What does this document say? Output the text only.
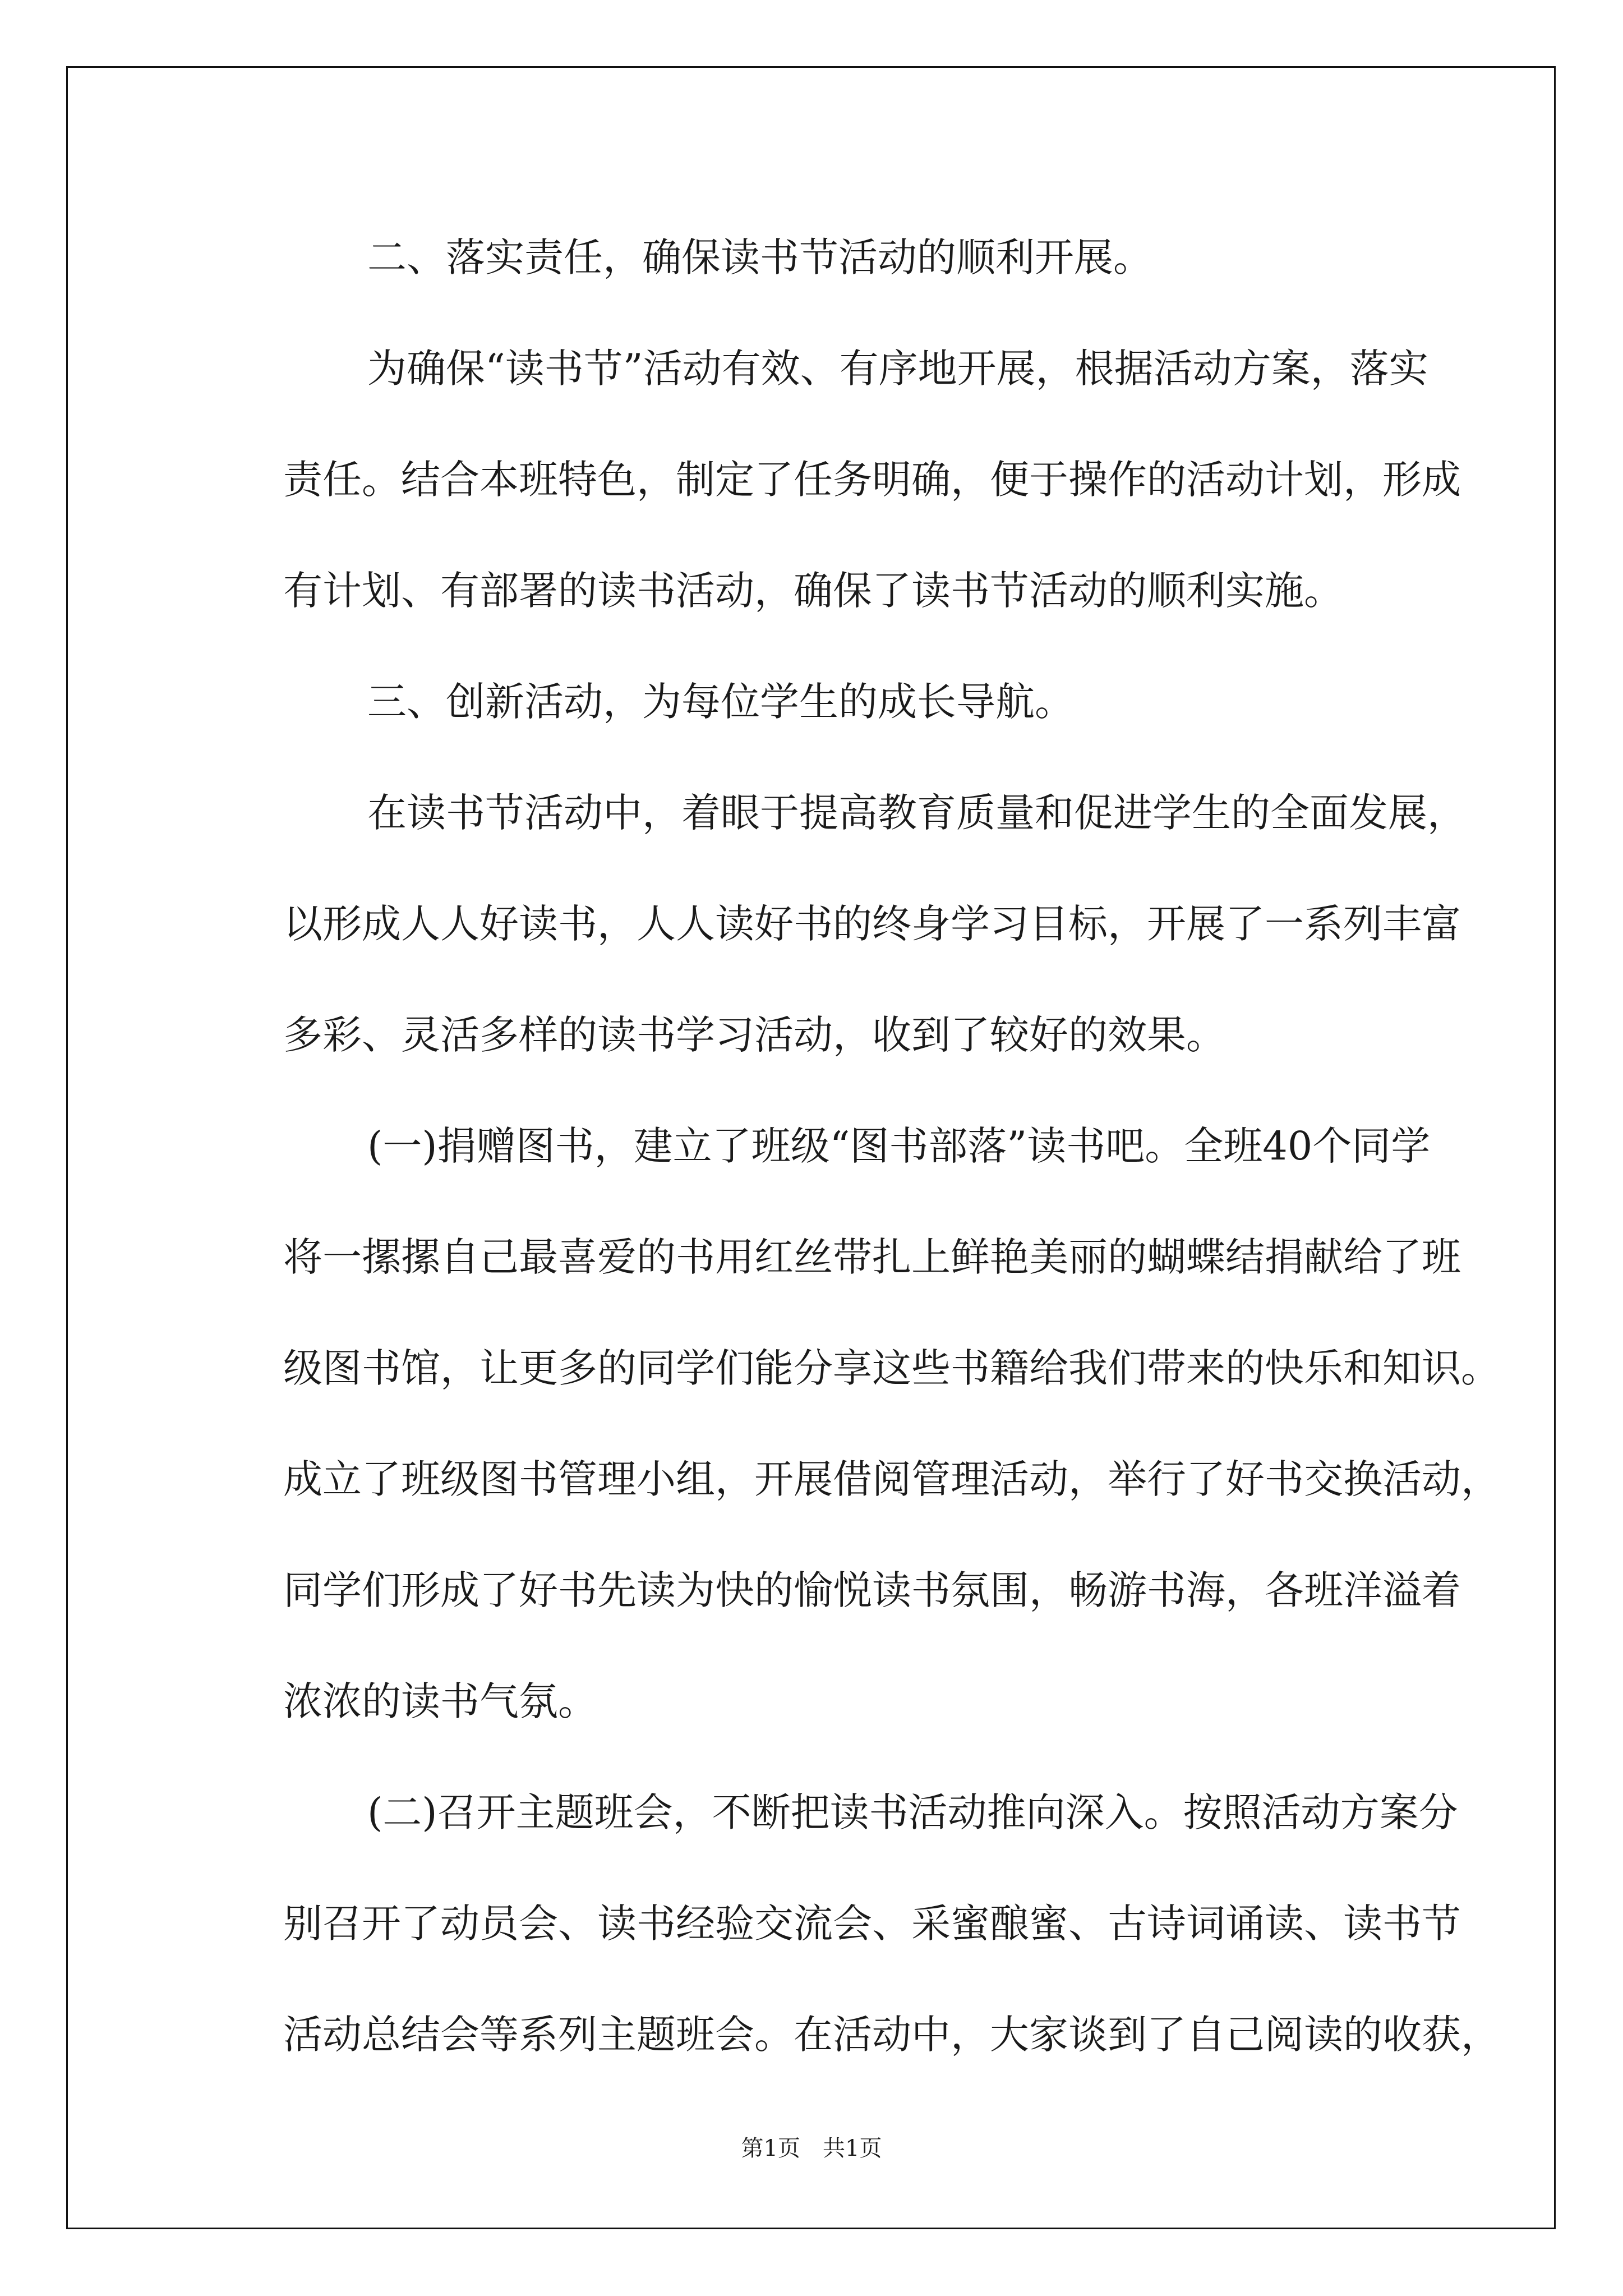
二、落实责任，确保读书节活动的顺利开展。
为确保“读书节”活动有效、有序地开展，根据活动方案，落实
责任。结合本班特色，制定了任务明确，便于操作的活动计划，形成
有计划、有部署的读书活动，确保了读书节活动的顺利实施。
三、创新活动，为每位学生的成长导航。
在读书节活动中，着眼于提高教育质量和促进学生的全面发展，
以形成人人好读书，人人读好书的终身学习目标，开展了一系列丰富
多彩、灵活多样的读书学习活动，收到了较好的效果。
(一)捐赠图书，建立了班级“图书部落”读书吧。全班40个同学
将一摞摞自己最喜爱的书用红丝带扎上鲜艳美丽的蝴蝶结捐献给了班
级图书馆，让更多的同学们能分享这些书籍给我们带来的快乐和知识。
成立了班级图书管理小组，开展借阅管理活动，举行了好书交换活动，
同学们形成了好书先读为快的愉悦读书氛围，畅游书海，各班洋溢着
浓浓的读书气氛。
(二)召开主题班会，不断把读书活动推向深入。按照活动方案分
别召开了动员会、读书经验交流会、采蜜酿蜜、古诗词诵读、读书节
活动总结会等系列主题班会。在活动中，大家谈到了自己阅读的收获，
第1页 共1页
